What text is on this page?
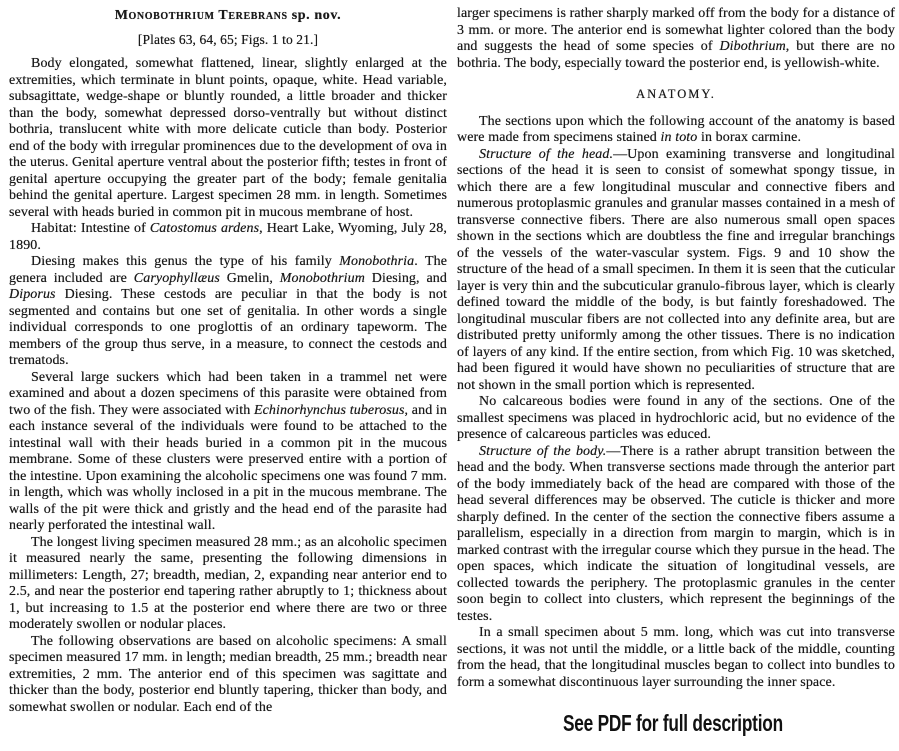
Monobothrium Terebrans sp. nov.
[Plates 63, 64, 65; Figs. 1 to 21.]

Body elongated, somewhat flattened, linear, slightly enlarged at the extremities, which terminate in blunt points, opaque, white. Head variable, subsagittate, wedge-shape or bluntly rounded, a little broader and thicker than the body, somewhat depressed dorso-ventrally but without distinct bothria, translucent white with more delicate cuticle than body. Posterior end of the body with irregular prominences due to the development of ova in the uterus. Genital aperture ventral about the posterior fifth; testes in front of genital aperture occupying the greater part of the body; female genitalia behind the genital aperture. Largest specimen 28 mm. in length. Sometimes several with heads buried in common pit in mucous membrane of host.

Habitat: Intestine of Catostomus ardens, Heart Lake, Wyoming, July 28, 1890.

Diesing makes this genus the type of his family Monobothria. The genera included are Caryophyllæus Gmelin, Monobothrium Diesing, and Diporus Diesing. These cestods are peculiar in that the body is not segmented and contains but one set of genitalia. In other words a single individual corresponds to one proglottis of an ordinary tapeworm. The members of the group thus serve, in a measure, to connect the cestods and trematods.

Several large suckers which had been taken in a trammel net were examined and about a dozen specimens of this parasite were obtained from two of the fish. They were associated with Echinorhynchus tuberosus, and in each instance several of the individuals were found to be attached to the intestinal wall with their heads buried in a common pit in the mucous membrane. Some of these clusters were preserved entire with a portion of the intestine. Upon examining the alcoholic specimens one was found 7 mm. in length, which was wholly inclosed in a pit in the mucous membrane. The walls of the pit were thick and gristly and the head end of the parasite had nearly perforated the intestinal wall.

The longest living specimen measured 28 mm.; as an alcoholic specimen it measured nearly the same, presenting the following dimensions in millimeters: Length, 27; breadth, median, 2, expanding near anterior end to 2.5, and near the posterior end tapering rather abruptly to 1; thickness about 1, but increasing to 1.5 at the posterior end where there are two or three moderately swollen or nodular places.

The following observations are based on alcoholic specimens: A small specimen measured 17 mm. in length; median breadth, 25 mm.; breadth near extremities, 2 mm. The anterior end of this specimen was sagittate and thicker than the body, posterior end bluntly tapering, thicker than body, and somewhat swollen or nodular. Each end of the

larger specimens is rather sharply marked off from the body for a distance of 3 mm. or more. The anterior end is somewhat lighter colored than the body and suggests the head of some species of Dibothrium, but there are no bothria. The body, especially toward the posterior end, is yellowish-white.

ANATOMY.

The sections upon which the following account of the anatomy is based were made from specimens stained in toto in borax carmine.

Structure of the head.—Upon examining transverse and longitudinal sections of the head it is seen to consist of somewhat spongy tissue, in which there are a few longitudinal muscular and connective fibers and numerous protoplasmic granules and granular masses contained in a mesh of transverse connective fibers. There are also numerous small open spaces shown in the sections which are doubtless the fine and irregular branchings of the vessels of the water-vascular system. Figs. 9 and 10 show the structure of the head of a small specimen. In them it is seen that the cuticular layer is very thin and the subcuticular granulo-fibrous layer, which is clearly defined toward the middle of the body, is but faintly foreshadowed. The longitudinal muscular fibers are not collected into any definite area, but are distributed pretty uniformly among the other tissues. There is no indication of layers of any kind. If the entire section, from which Fig. 10 was sketched, had been figured it would have shown no peculiarities of structure that are not shown in the small portion which is represented.

No calcareous bodies were found in any of the sections. One of the smallest specimens was placed in hydrochloric acid, but no evidence of the presence of calcareous particles was educed.

Structure of the body.—There is a rather abrupt transition between the head and the body. When transverse sections made through the anterior part of the body immediately back of the head are compared with those of the head several differences may be observed. The cuticle is thicker and more sharply defined. In the center of the section the connective fibers assume a parallelism, especially in a direction from margin to margin, which is in marked contrast with the irregular course which they pursue in the head. The open spaces, which indicate the situation of longitudinal vessels, are collected towards the periphery. The protoplasmic granules in the center soon begin to collect into clusters, which represent the beginnings of the testes.

In a small specimen about 5 mm. long, which was cut into transverse sections, it was not until the middle, or a little back of the middle, counting from the head, that the longitudinal muscles began to collect into bundles to form a somewhat discontinuous layer surrounding the inner space.

See PDF for full description
